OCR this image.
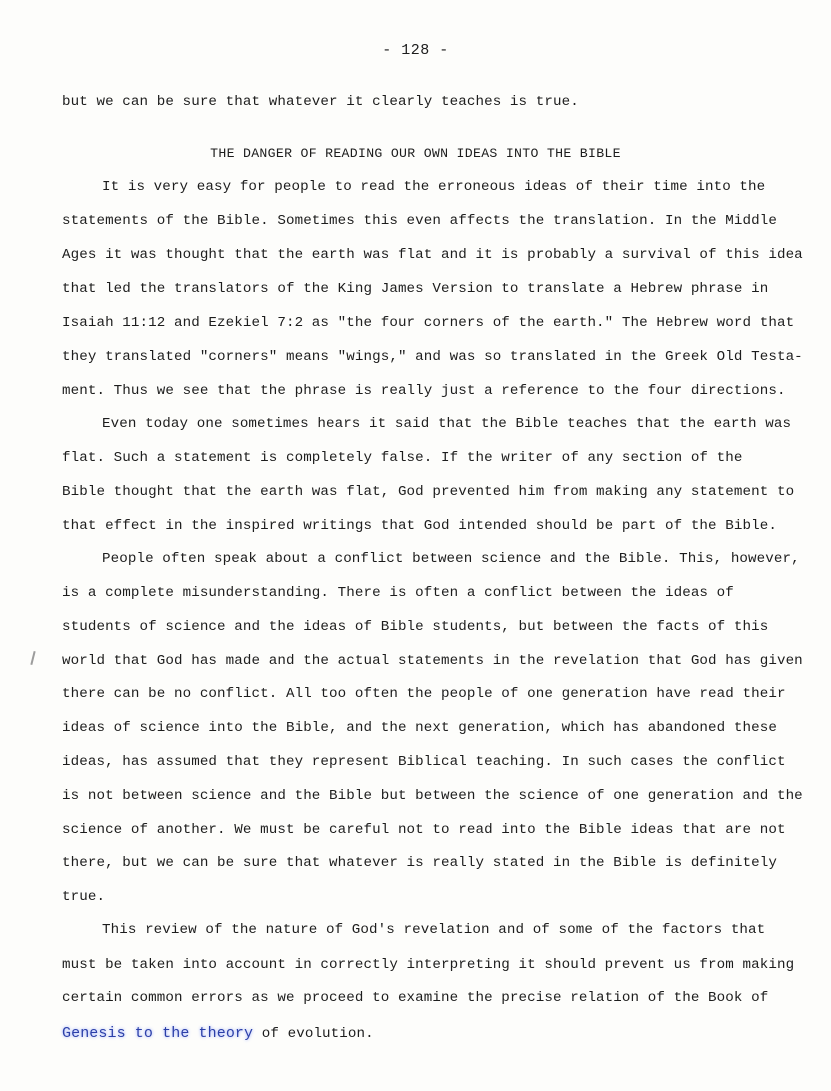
- 128 -
but we can be sure that whatever it clearly teaches is true.
THE DANGER OF READING OUR OWN IDEAS INTO THE BIBLE
It is very easy for people to read the erroneous ideas of their time into the
statements of the Bible. Sometimes this even affects the translation. In the Middle
Ages it was thought that the earth was flat and it is probably a survival of this idea
that led the translators of the King James Version to translate a Hebrew phrase in
Isaiah 11:12 and Ezekiel 7:2 as "the four corners of the earth." The Hebrew word that
they translated "corners" means "wings," and was so translated in the Greek Old Testa-
ment. Thus we see that the phrase is really just a reference to the four directions.
Even today one sometimes hears it said that the Bible teaches that the earth was
flat. Such a statement is completely false. If the writer of any section of the
Bible thought that the earth was flat, God prevented him from making any statement to
that effect in the inspired writings that God intended should be part of the Bible.
People often speak about a conflict between science and the Bible. This, however,
is a complete misunderstanding. There is often a conflict between the ideas of
students of science and the ideas of Bible students, but between the facts of this
world that God has made and the actual statements in the revelation that God has given
there can be no conflict. All too often the people of one generation have read their
ideas of science into the Bible, and the next generation, which has abandoned these
ideas, has assumed that they represent Biblical teaching. In such cases the conflict
is not between science and the Bible but between the science of one generation and the
science of another. We must be careful not to read into the Bible ideas that are not
there, but we can be sure that whatever is really stated in the Bible is definitely
true.
This review of the nature of God's revelation and of some of the factors that
must be taken into account in correctly interpreting it should prevent us from making
certain common errors as we proceed to examine the precise relation of the Book of
Genesis to the theory of evolution.
